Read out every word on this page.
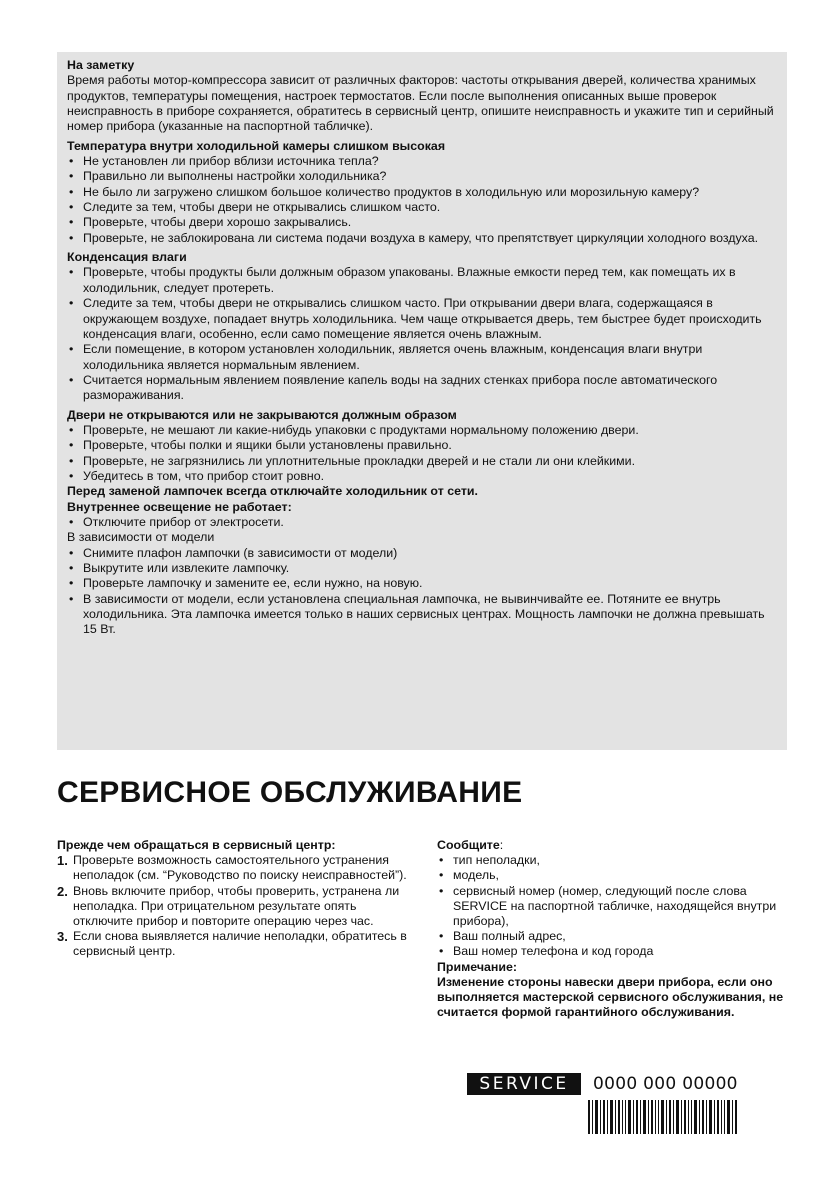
На заметку

Время работы мотор-компрессора зависит от различных факторов: частоты открывания дверей, количества хранимых продуктов, температуры помещения, настроек термостатов. Если после выполнения описанных выше проверок неисправность в приборе сохраняется, обратитесь в сервисный центр, опишите неисправность и укажите тип и серийный номер прибора (указанные на паспортной табличке).

Температура внутри холодильной камеры слишком высокая

• Не установлен ли прибор вблизи источника тепла?
• Правильно ли выполнены настройки холодильника?
• Не было ли загружено слишком большое количество продуктов в холодильную или морозильную камеру?
• Следите за тем, чтобы двери не открывались слишком часто.
• Проверьте, чтобы двери хорошо закрывались.
• Проверьте, не заблокирована ли система подачи воздуха в камеру, что препятствует циркуляции холодного воздуха.

Конденсация влаги

• Проверьте, чтобы продукты были должным образом упакованы. Влажные емкости перед тем, как помещать их в холодильник, следует протереть.
• Следите за тем, чтобы двери не открывались слишком часто. При открывании двери влага, содержащаяся в окружающем воздухе, попадает внутрь холодильника. Чем чаще открывается дверь, тем быстрее будет происходить конденсация влаги, особенно, если само помещение является очень влажным.
• Если помещение, в котором установлен холодильник, является очень влажным, конденсация влаги внутри холодильника является нормальным явлением.
• Считается нормальным явлением появление капель воды на задних стенках прибора после автоматического размораживания.

Двери не открываются или не закрываются должным образом

• Проверьте, не мешают ли какие-нибудь упаковки с продуктами нормальному положению двери.
• Проверьте, чтобы полки и ящики были установлены правильно.
• Проверьте, не загрязнились ли уплотнительные прокладки дверей и не стали ли они клейкими.
• Убедитесь в том, что прибор стоит ровно.

Перед заменой лампочек всегда отключайте холодильник от сети.

Внутреннее освещение не работает:

• Отключите прибор от электросети.

В зависимости от модели

• Снимите плафон лампочки (в зависимости от модели)
• Выкрутите или извлеките лампочку.
• Проверьте лампочку и замените ее, если нужно, на новую.
• В зависимости от модели, если установлена специальная лампочка, не вывинчивайте ее. Потяните ее внутрь холодильника. Эта лампочка имеется только в наших сервисных центрах. Мощность лампочки не должна превышать 15 Вт.
СЕРВИСНОЕ ОБСЛУЖИВАНИЕ

Прежде чем обращаться в сервисный центр:

1. Проверьте возможность самостоятельного устранения неполадок (см. “Руководство по поиску неисправностей”).
2. Вновь включите прибор, чтобы проверить, устранена ли неполадка. При отрицательном результате опять отключите прибор и повторите операцию через час.
3. Если снова выявляется наличие неполадки, обратитесь в сервисный центр.

Сообщите:

• тип неполадки,
• модель,
• сервисный номер (номер, следующий после слова SERVICE на паспортной табличке, находящейся внутри прибора),
• Ваш полный адрес,
• Ваш номер телефона и код города

Примечание:

Изменение стороны навески двери прибора, если оно выполняется мастерской сервисного обслуживания, не считается формой гарантийного обслуживания.

SERVICE	0000 000 00000
